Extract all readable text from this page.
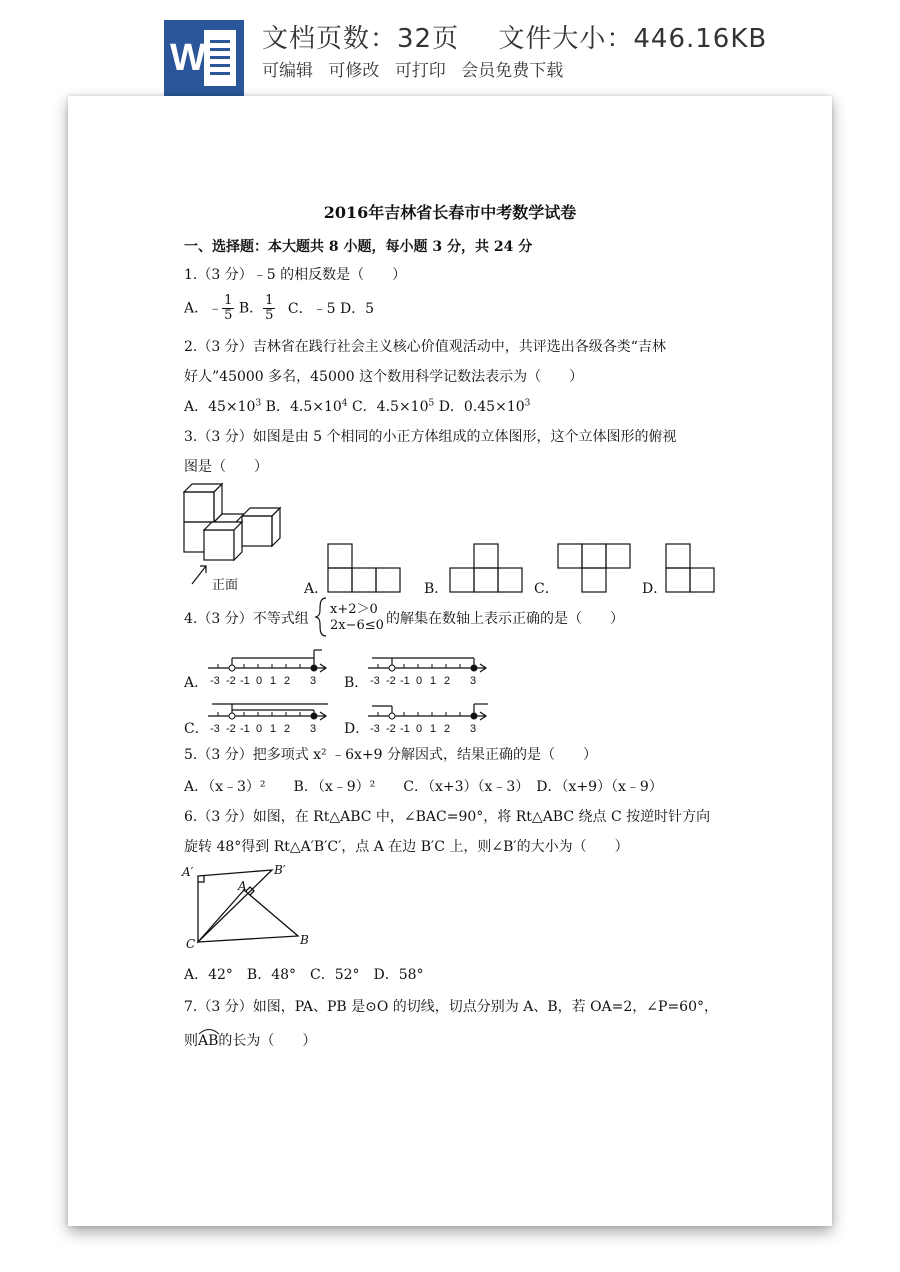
W	文档页数：32页 文件大小：446.16KB
可编辑 可修改 可打印 会员免费下载
2016年吉林省长春市中考数学试卷
一、选择题：本大题共 8 小题，每小题 3 分，共 24 分
1.（3 分）﹣5 的相反数是（　　）
A．﹣ $\frac{1}{5}$ B． $\frac{1}{5}$ C．﹣5 D．5
2.（3 分）吉林省在践行社会主义核心价值观活动中，共评选出各级各类“吉林
好人”45000 多名，45000 这个数用科学记数法表示为（　　）
A．$45\times 10^3$ B．$4.5\times 10^4$ C．$4.5\times 10^5$ D．$0.45\times 10^3$
3.（3 分）如图是由 5 个相同的小正方体组成的立体图形，这个立体图形的俯视
图是（　　）
正面	A．	B．	C．	D．
4.（3 分）不等式组
x+2＞0
2x−6≤0 的解集在数轴上表示正确的是（　　）
A． -3 -2 -1 0 1 2 3 B． -3 -2 -1 0 1 2 3
C． -3 -2 -1 0 1 2 3 D． -3 -2 -1 0 1 2 3
5.（3 分）把多项式 x² ﹣6x+9 分解因式，结果正确的是（　　）
A．（x﹣3）²　　B．（x﹣9）²　　C．（x+3）（x﹣3）　D．（x+9）（x﹣9）
6.（3 分）如图，在 Rt△ABC 中，∠BAC=90°，将 Rt△ABC 绕点 C 按逆时针方向
旋转 48°得到 Rt△A′B′C′，点 A 在边 B′C 上，则∠B′的大小为（　　）
A′	B′
A
B
C
A．42°　B．48°　C．52°　D．58°
7.（3 分）如图，PA、PB 是⊙O 的切线，切点分别为 A、B，若 OA=2，∠P=60°，
则
AB的长为（　　）
